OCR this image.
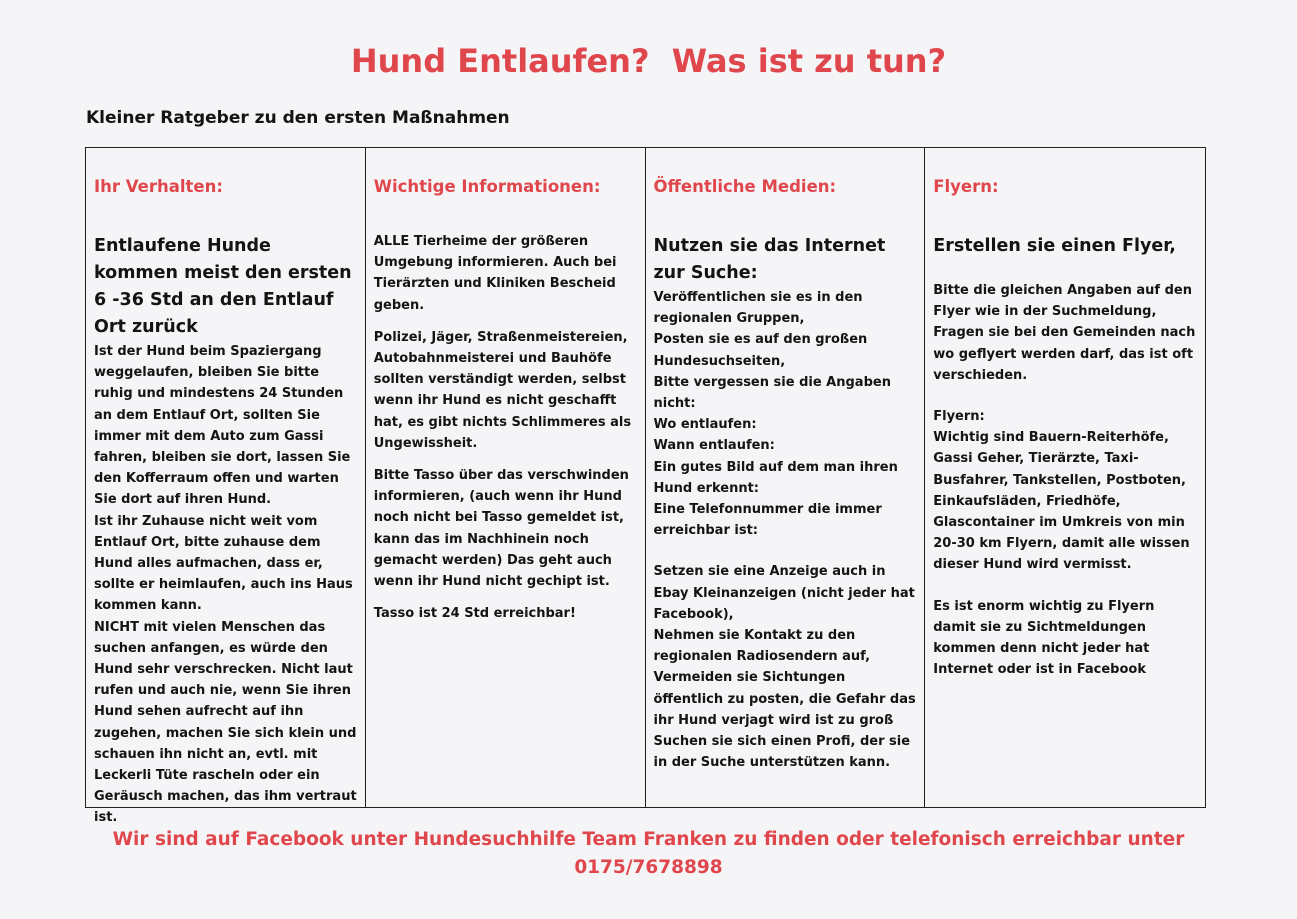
Hund Entlaufen?  Was ist zu tun?
Kleiner Ratgeber zu den ersten Maßnahmen

Ihr Verhalten:

Entlaufene Hunde kommen meist den ersten 6 -36 Std an den Entlauf Ort zurück

Ist der Hund beim Spaziergang weggelaufen, bleiben Sie bitte ruhig und mindestens 24 Stunden an dem Entlauf Ort, sollten Sie immer mit dem Auto zum Gassi fahren, bleiben sie dort, lassen Sie den Kofferraum offen und warten Sie dort auf ihren Hund.
Ist ihr Zuhause nicht weit vom Entlauf Ort, bitte zuhause dem Hund alles aufmachen, dass er, sollte er heimlaufen, auch ins Haus kommen kann.
NICHT mit vielen Menschen das suchen anfangen, es würde den Hund sehr verschrecken. Nicht laut rufen und auch nie, wenn Sie ihren Hund sehen aufrecht auf ihn zugehen, machen Sie sich klein und schauen ihn nicht an, evtl. mit Leckerli Tüte rascheln oder ein Geräusch machen, das ihm vertraut ist.

Wichtige Informationen:

ALLE Tierheime der größeren Umgebung informieren. Auch bei Tierärzten und Kliniken Bescheid geben.

Polizei, Jäger, Straßenmeistereien, Autobahnmeisterei und Bauhöfe sollten verständigt werden, selbst wenn ihr Hund es nicht geschafft hat, es gibt nichts Schlimmeres als Ungewissheit.

Bitte Tasso über das verschwinden informieren, (auch wenn ihr Hund noch nicht bei Tasso gemeldet ist, kann das im Nachhinein noch gemacht werden) Das geht auch wenn ihr Hund nicht gechipt ist.

Tasso ist 24 Std erreichbar!

Öffentliche Medien:

Nutzen sie das Internet zur Suche:

Veröffentlichen sie es in den regionalen Gruppen,
Posten sie es auf den großen Hundesuchseiten,
Bitte vergessen sie die Angaben nicht:
Wo entlaufen:
Wann entlaufen:
Ein gutes Bild auf dem man ihren Hund erkennt:
Eine Telefonnummer die immer erreichbar ist:

Setzen sie eine Anzeige auch in Ebay Kleinanzeigen (nicht jeder hat Facebook),
Nehmen sie Kontakt zu den regionalen Radiosendern auf,
Vermeiden sie Sichtungen öffentlich zu posten, die Gefahr das ihr Hund verjagt wird ist zu groß
Suchen sie sich einen Profi, der sie in der Suche unterstützen kann.

Flyern:

Erstellen sie einen Flyer,

Bitte die gleichen Angaben auf den Flyer wie in der Suchmeldung, Fragen sie bei den Gemeinden nach wo geflyert werden darf, das ist oft verschieden.

Flyern:
Wichtig sind Bauern-Reiterhöfe, Gassi Geher, Tierärzte, Taxi-Busfahrer, Tankstellen, Postboten, Einkaufsläden, Friedhöfe, Glascontainer im Umkreis von min 20-30 km Flyern, damit alle wissen dieser Hund wird vermisst.

Es ist enorm wichtig zu Flyern damit sie zu Sichtmeldungen kommen denn nicht jeder hat Internet oder ist in Facebook

Wir sind auf Facebook unter Hundesuchhilfe Team Franken zu finden oder telefonisch erreichbar unter
0175/7678898
